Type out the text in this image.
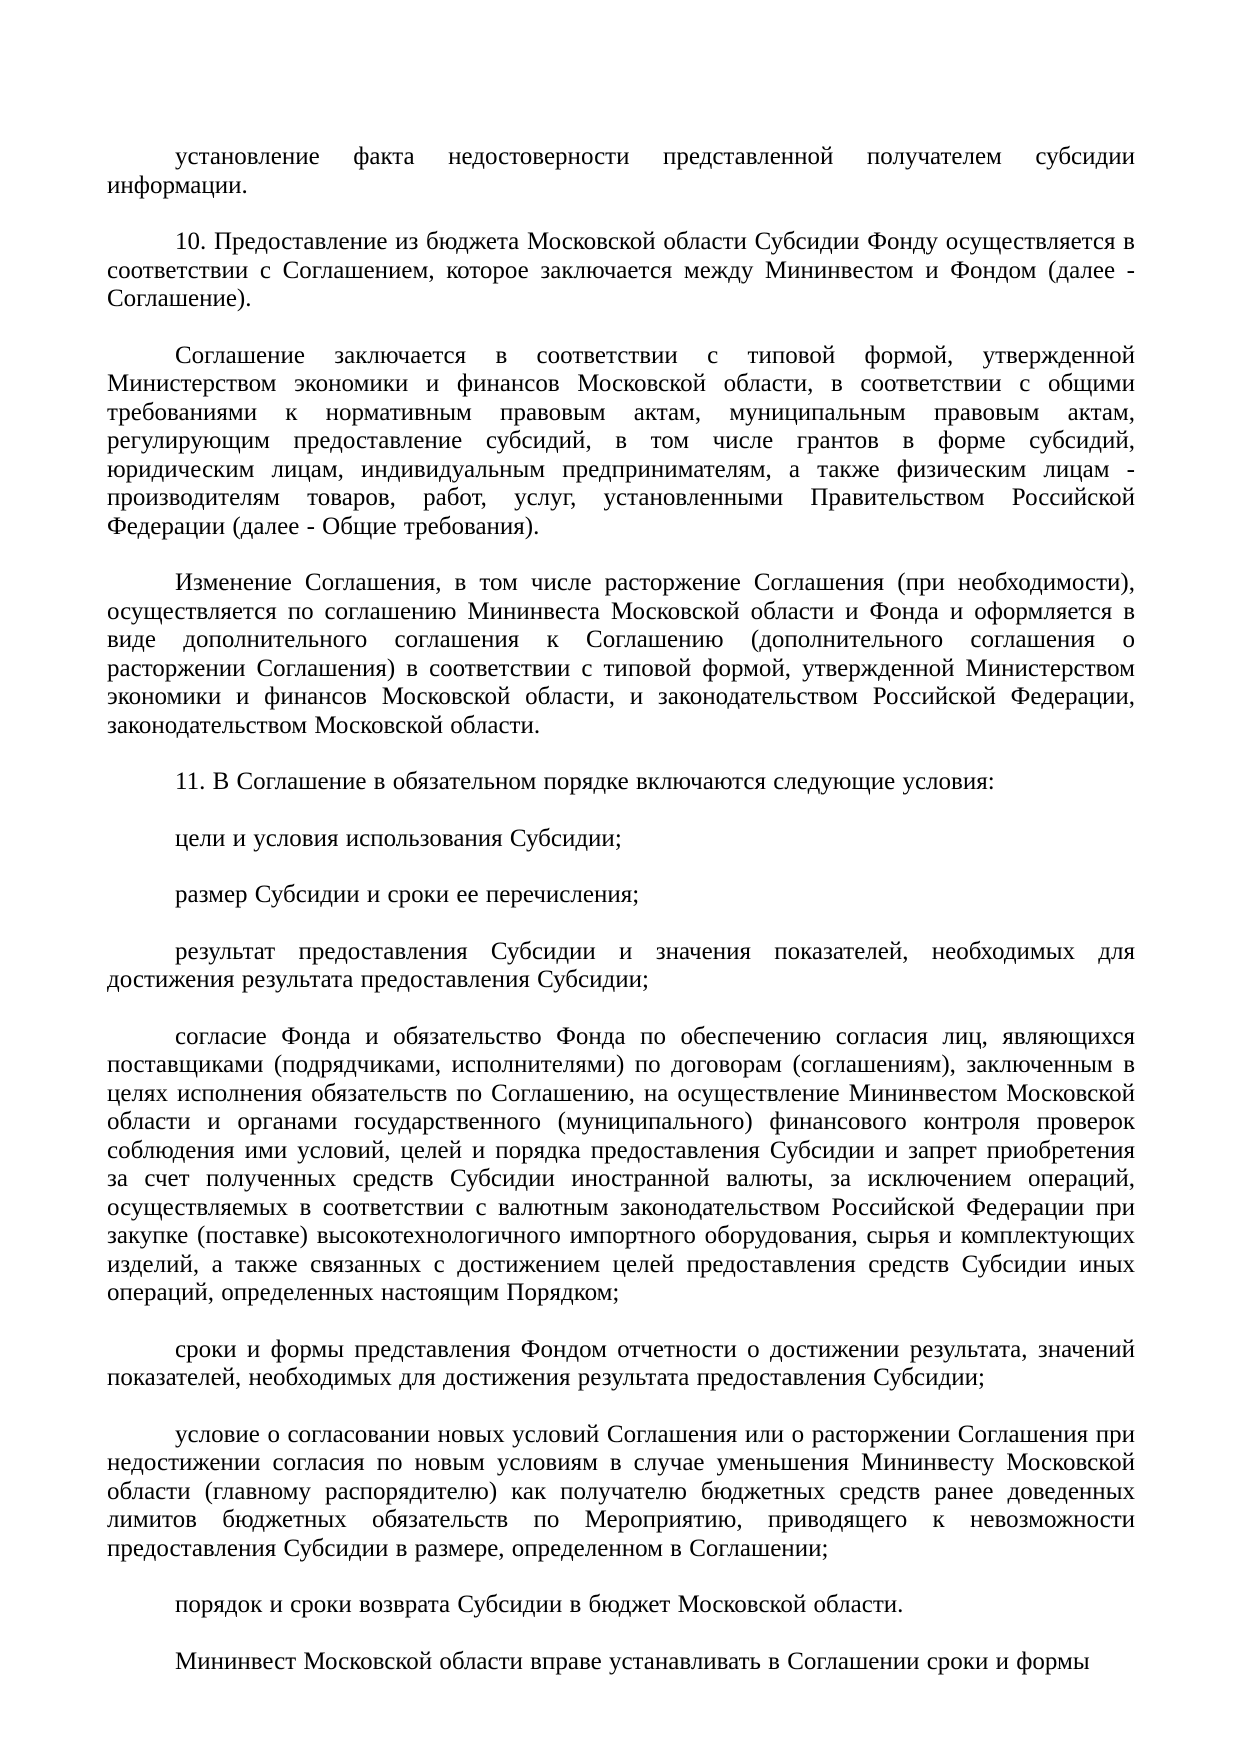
установление факта недостоверности представленной получателем субсидии информации.

10. Предоставление из бюджета Московской области Субсидии Фонду осуществляется в соответствии с Соглашением, которое заключается между Мининвестом и Фондом (далее - Соглашение).

Соглашение заключается в соответствии с типовой формой, утвержденной Министерством экономики и финансов Московской области, в соответствии с общими требованиями к нормативным правовым актам, муниципальным правовым актам, регулирующим предоставление субсидий, в том числе грантов в форме субсидий, юридическим лицам, индивидуальным предпринимателям, а также физическим лицам - производителям товаров, работ, услуг, установленными Правительством Российской Федерации (далее - Общие требования).

Изменение Соглашения, в том числе расторжение Соглашения (при необходимости), осуществляется по соглашению Мининвеста Московской области и Фонда и оформляется в виде дополнительного соглашения к Соглашению (дополнительного соглашения о расторжении Соглашения) в соответствии с типовой формой, утвержденной Министерством экономики и финансов Московской области, и законодательством Российской Федерации, законодательством Московской области.

11. В Соглашение в обязательном порядке включаются следующие условия:

цели и условия использования Субсидии;

размер Субсидии и сроки ее перечисления;

результат предоставления Субсидии и значения показателей, необходимых для достижения результата предоставления Субсидии;

согласие Фонда и обязательство Фонда по обеспечению согласия лиц, являющихся поставщиками (подрядчиками, исполнителями) по договорам (соглашениям), заключенным в целях исполнения обязательств по Соглашению, на осуществление Мининвестом Московской области и органами государственного (муниципального) финансового контроля проверок соблюдения ими условий, целей и порядка предоставления Субсидии и запрет приобретения за счет полученных средств Субсидии иностранной валюты, за исключением операций, осуществляемых в соответствии с валютным законодательством Российской Федерации при закупке (поставке) высокотехнологичного импортного оборудования, сырья и комплектующих изделий, а также связанных с достижением целей предоставления средств Субсидии иных операций, определенных настоящим Порядком;

сроки и формы представления Фондом отчетности о достижении результата, значений показателей, необходимых для достижения результата предоставления Субсидии;

условие о согласовании новых условий Соглашения или о расторжении Соглашения при недостижении согласия по новым условиям в случае уменьшения Мининвесту Московской области (главному распорядителю) как получателю бюджетных средств ранее доведенных лимитов бюджетных обязательств по Мероприятию, приводящего к невозможности предоставления Субсидии в размере, определенном в Соглашении;

порядок и сроки возврата Субсидии в бюджет Московской области.

Мининвест Московской области вправе устанавливать в Соглашении сроки и формы
